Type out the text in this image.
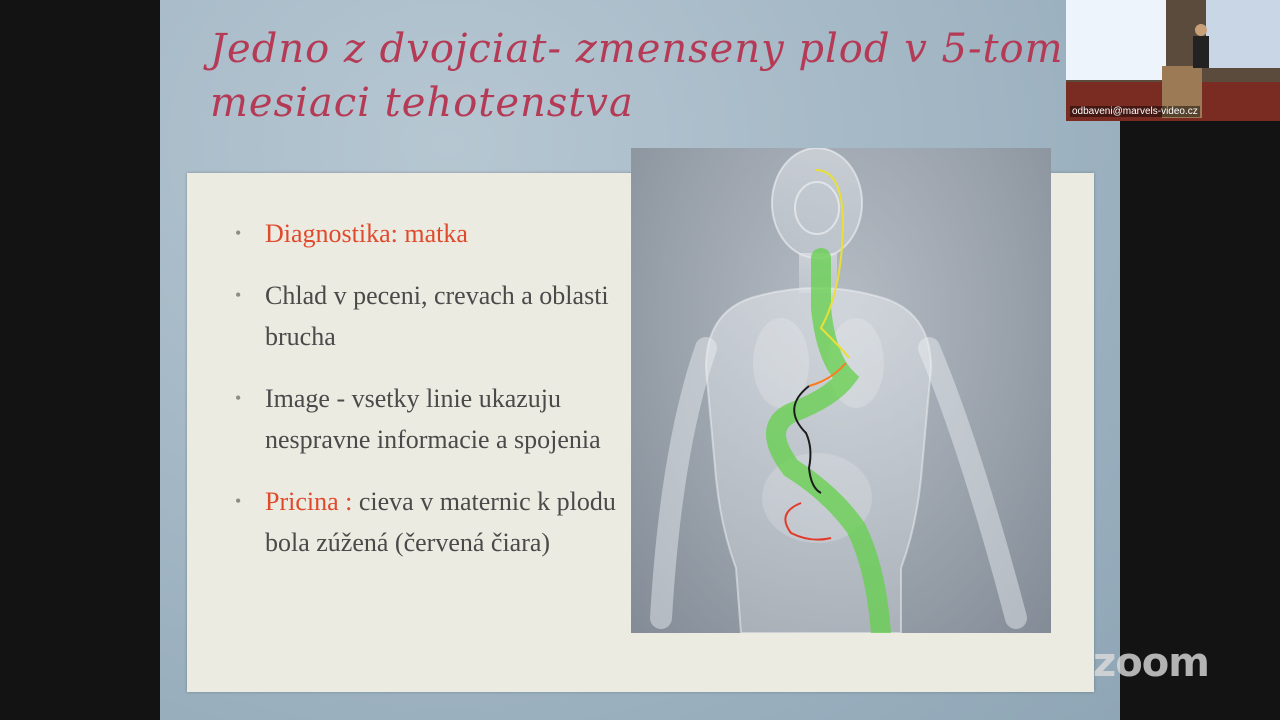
Jedno z dvojciat- zmenseny plod v 5-tom
mesiaci tehotenstva
• Diagnostika: matka
• Chlad v peceni, crevach a oblasti brucha
• Image - vsetky linie ukazuju nespravne informacie a spojenia
• Pricina : cieva v maternic k plodu bola zúžená (červená čiara)
odbaveni@marvels-video.cz
zoom
